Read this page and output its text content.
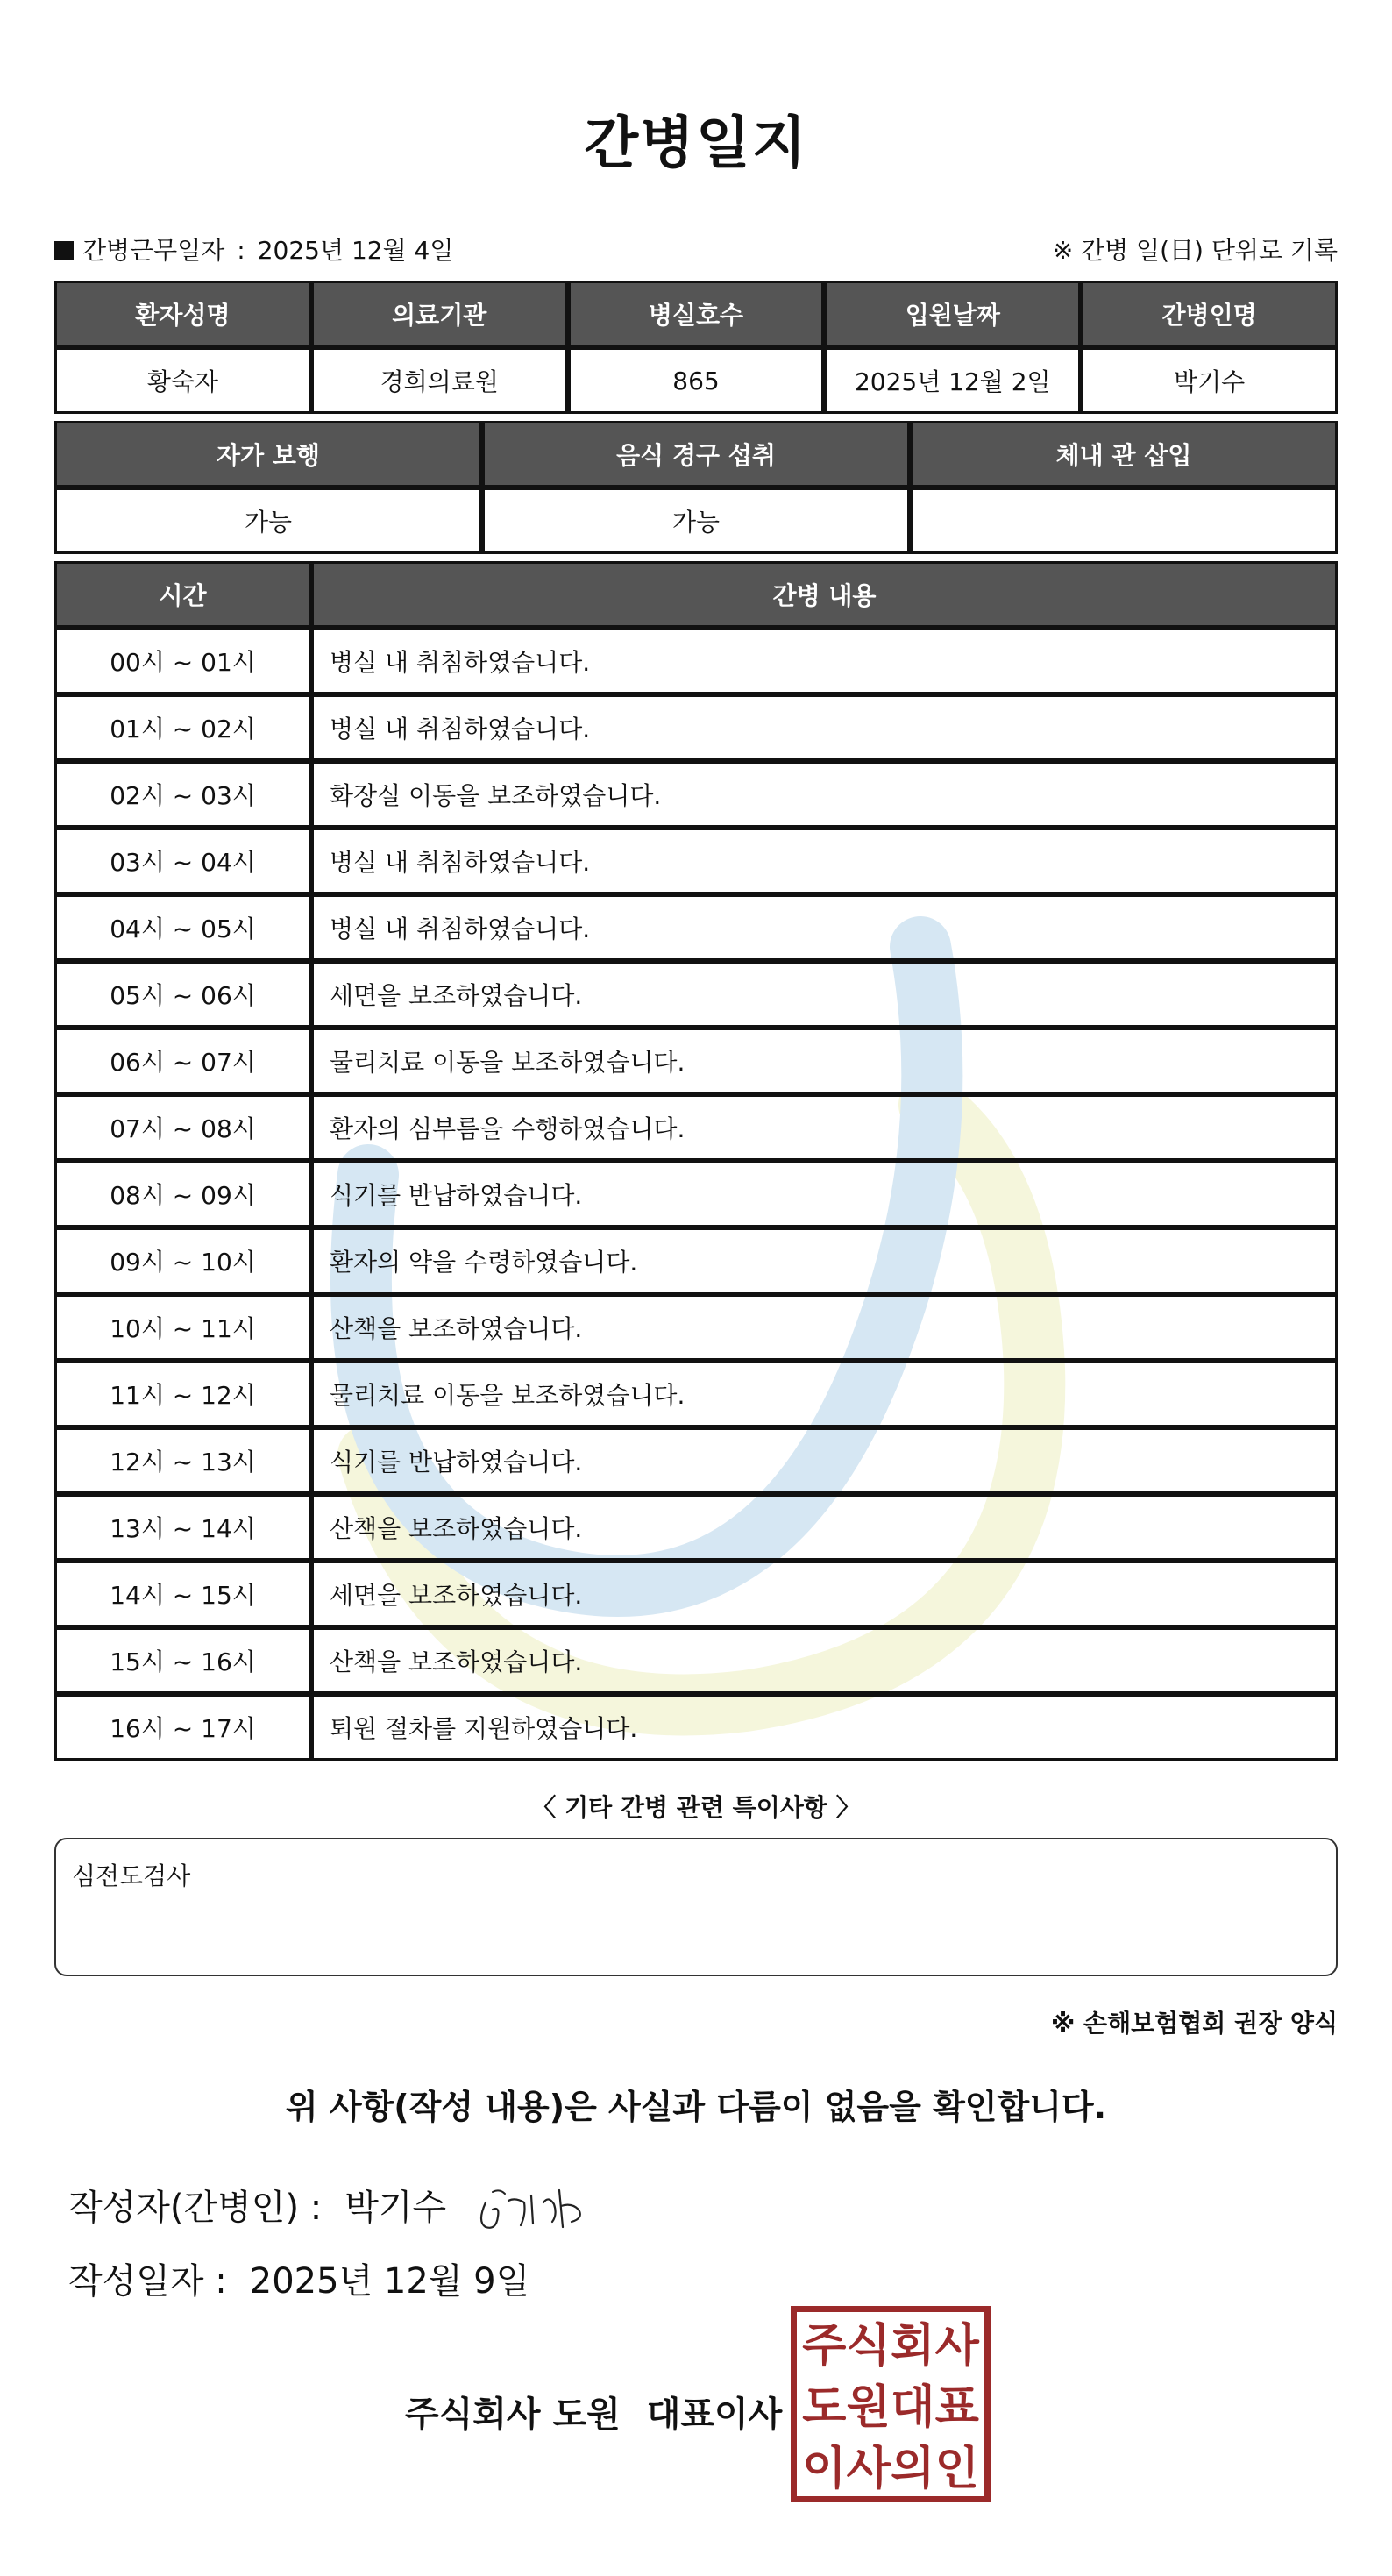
간병일지
간병근무일자 : 2025년 12월 4일	※ 간병 일(日) 단위로 기록
환자성명	의료기관	병실호수	입원날짜	간병인명
황숙자	경희의료원	865	2025년 12월 2일	박기수
자가 보행	음식 경구 섭취	체내 관 삽입
가능	가능	
시간	간병 내용
00시 ~ 01시	병실 내 취침하였습니다.
01시 ~ 02시	병실 내 취침하였습니다.
02시 ~ 03시	화장실 이동을 보조하였습니다.
03시 ~ 04시	병실 내 취침하였습니다.
04시 ~ 05시	병실 내 취침하였습니다.
05시 ~ 06시	세면을 보조하였습니다.
06시 ~ 07시	물리치료 이동을 보조하였습니다.
07시 ~ 08시	환자의 심부름을 수행하였습니다.
08시 ~ 09시	식기를 반납하였습니다.
09시 ~ 10시	환자의 약을 수령하였습니다.
10시 ~ 11시	산책을 보조하였습니다.
11시 ~ 12시	물리치료 이동을 보조하였습니다.
12시 ~ 13시	식기를 반납하였습니다.
13시 ~ 14시	산책을 보조하였습니다.
14시 ~ 15시	세면을 보조하였습니다.
15시 ~ 16시	산책을 보조하였습니다.
16시 ~ 17시	퇴원 절차를 지원하였습니다.
〈 기타 간병 관련 특이사항 〉
심전도검사
※ 손해보험협회 권장 양식
위 사항(작성 내용)은 사실과 다름이 없음을 확인합니다.
작성자(간병인) : 박기수
작성일자 : 2025년 12월 9일
주식회사 도원 대표이사
주 식 회 사
도 원 대 표
이 사 의 인
